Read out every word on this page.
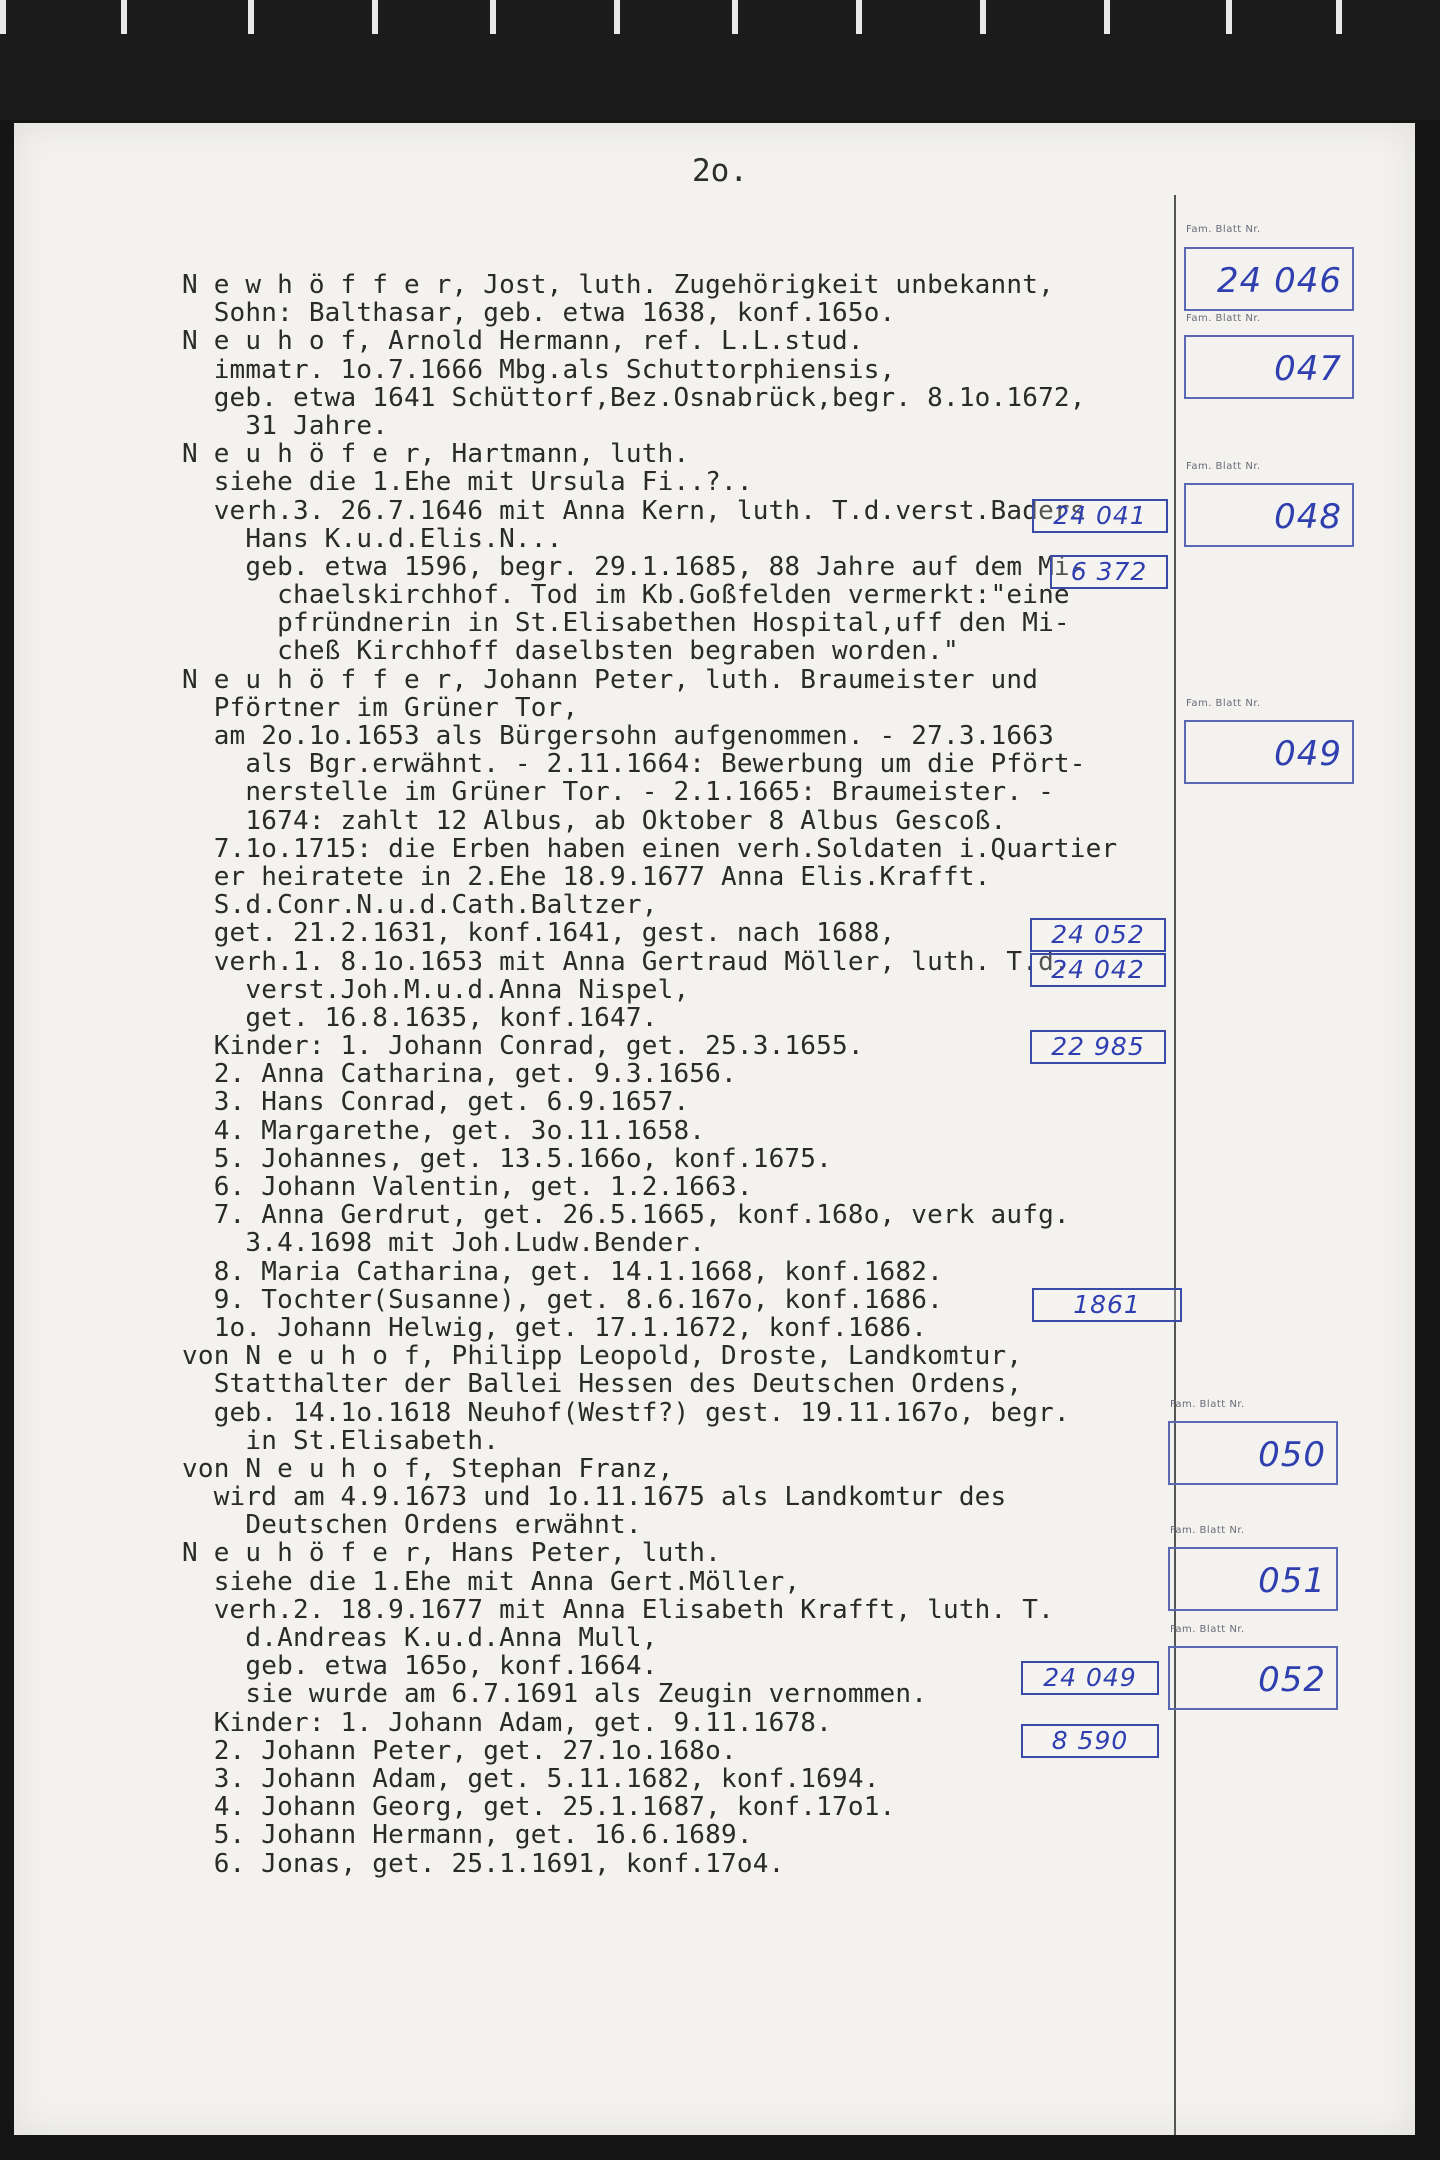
2o.
N e w h ö f f e r, Jost, luth. Zugehörigkeit unbekannt,
Sohn: Balthasar, geb. etwa 1638, konf.165o.
N e u h o f, Arnold Hermann, ref. L.L.stud.
immatr. 1o.7.1666 Mbg.als Schuttorphiensis,
geb. etwa 1641 Schüttorf,Bez.Osnabrück,begr. 8.1o.1672,
31 Jahre.
N e u h ö f e r, Hartmann, luth.
siehe die 1.Ehe mit Ursula Fi..?..
verh.3. 26.7.1646 mit Anna Kern, luth. T.d.verst.Baders
Hans K.u.d.Elis.N...
geb. etwa 1596, begr. 29.1.1685, 88 Jahre auf dem Mi-
chaelskirchhof. Tod im Kb.Goßfelden vermerkt:"eine
pfründnerin in St.Elisabethen Hospital,uff den Mi-
cheß Kirchhoff daselbsten begraben worden."
N e u h ö f f e r, Johann Peter, luth. Braumeister und
Pförtner im Grüner Tor,
am 2o.1o.1653 als Bürgersohn aufgenommen. - 27.3.1663
als Bgr.erwähnt. - 2.11.1664: Bewerbung um die Pfört-
nerstelle im Grüner Tor. - 2.1.1665: Braumeister. -
1674: zahlt 12 Albus, ab Oktober 8 Albus Gescoß.
7.1o.1715: die Erben haben einen verh.Soldaten i.Quartier
er heiratete in 2.Ehe 18.9.1677 Anna Elis.Krafft.
S.d.Conr.N.u.d.Cath.Baltzer,
get. 21.2.1631, konf.1641, gest. nach 1688,
verh.1. 8.1o.1653 mit Anna Gertraud Möller, luth. T.d.
verst.Joh.M.u.d.Anna Nispel,
get. 16.8.1635, konf.1647.
Kinder: 1. Johann Conrad, get. 25.3.1655.
2. Anna Catharina, get. 9.3.1656.
3. Hans Conrad, get. 6.9.1657.
4. Margarethe, get. 3o.11.1658.
5. Johannes, get. 13.5.166o, konf.1675.
6. Johann Valentin, get. 1.2.1663.
7. Anna Gerdrut, get. 26.5.1665, konf.168o, verk aufg.
3.4.1698 mit Joh.Ludw.Bender.
8. Maria Catharina, get. 14.1.1668, konf.1682.
9. Tochter(Susanne), get. 8.6.167o, konf.1686.
1o. Johann Helwig, get. 17.1.1672, konf.1686.
von N e u h o f, Philipp Leopold, Droste, Landkomtur,
Statthalter der Ballei Hessen des Deutschen Ordens,
geb. 14.1o.1618 Neuhof(Westf?) gest. 19.11.167o, begr.
in St.Elisabeth.
von N e u h o f, Stephan Franz,
wird am 4.9.1673 und 1o.11.1675 als Landkomtur des
Deutschen Ordens erwähnt.
N e u h ö f e r, Hans Peter, luth.
siehe die 1.Ehe mit Anna Gert.Möller,
verh.2. 18.9.1677 mit Anna Elisabeth Krafft, luth. T.
d.Andreas K.u.d.Anna Mull,
geb. etwa 165o, konf.1664.
sie wurde am 6.7.1691 als Zeugin vernommen.
Kinder: 1. Johann Adam, get. 9.11.1678.
2. Johann Peter, get. 27.1o.168o.
3. Johann Adam, get. 5.11.1682, konf.1694.
4. Johann Georg, get. 25.1.1687, konf.17o1.
5. Johann Hermann, get. 16.6.1689.
6. Jonas, get. 25.1.1691, konf.17o4.
Fam. Blatt Nr.
24 046
Fam. Blatt Nr.
047
Fam. Blatt Nr.
048
Fam. Blatt Nr.
049
Fam. Blatt Nr.
050
Fam. Blatt Nr.
051
Fam. Blatt Nr.
052
24 041
6 372
24 052
24 042
22 985
1861
24 049
8 590
